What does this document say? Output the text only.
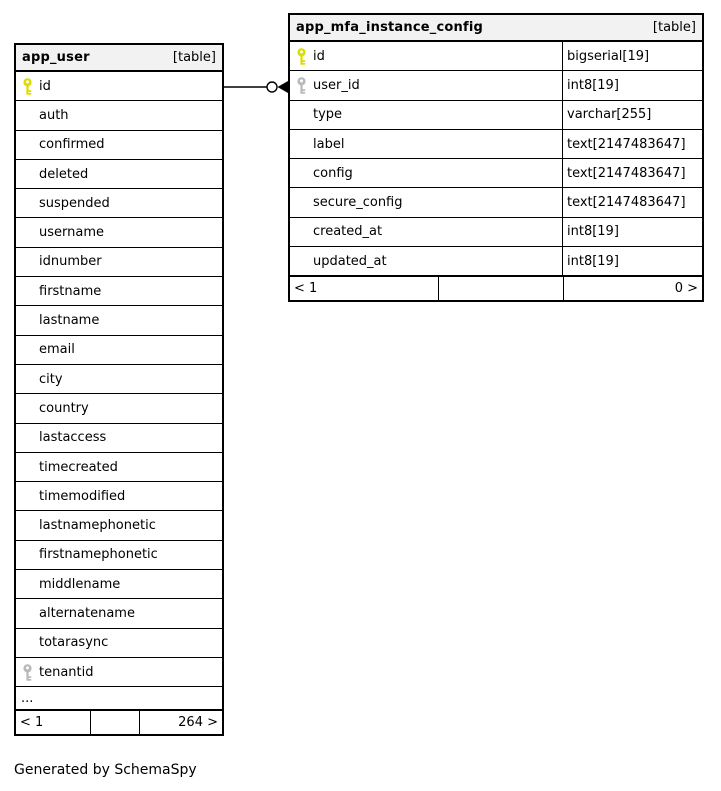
app_user	[table]
id
auth
confirmed
deleted
suspended
username
idnumber
firstname
lastname
email
city
country
lastaccess
timecreated
timemodified
lastnamephonetic
firstnamephonetic
middlename
alternatename
totarasync
tenantid
...
< 1	264 >
app_mfa_instance_config	[table]
id	bigserial[19]
user_id	int8[19]
type	varchar[255]
label	text[2147483647]
config	text[2147483647]
secure_config	text[2147483647]
created_at	int8[19]
updated_at	int8[19]
< 1	0 >
Generated by SchemaSpy
